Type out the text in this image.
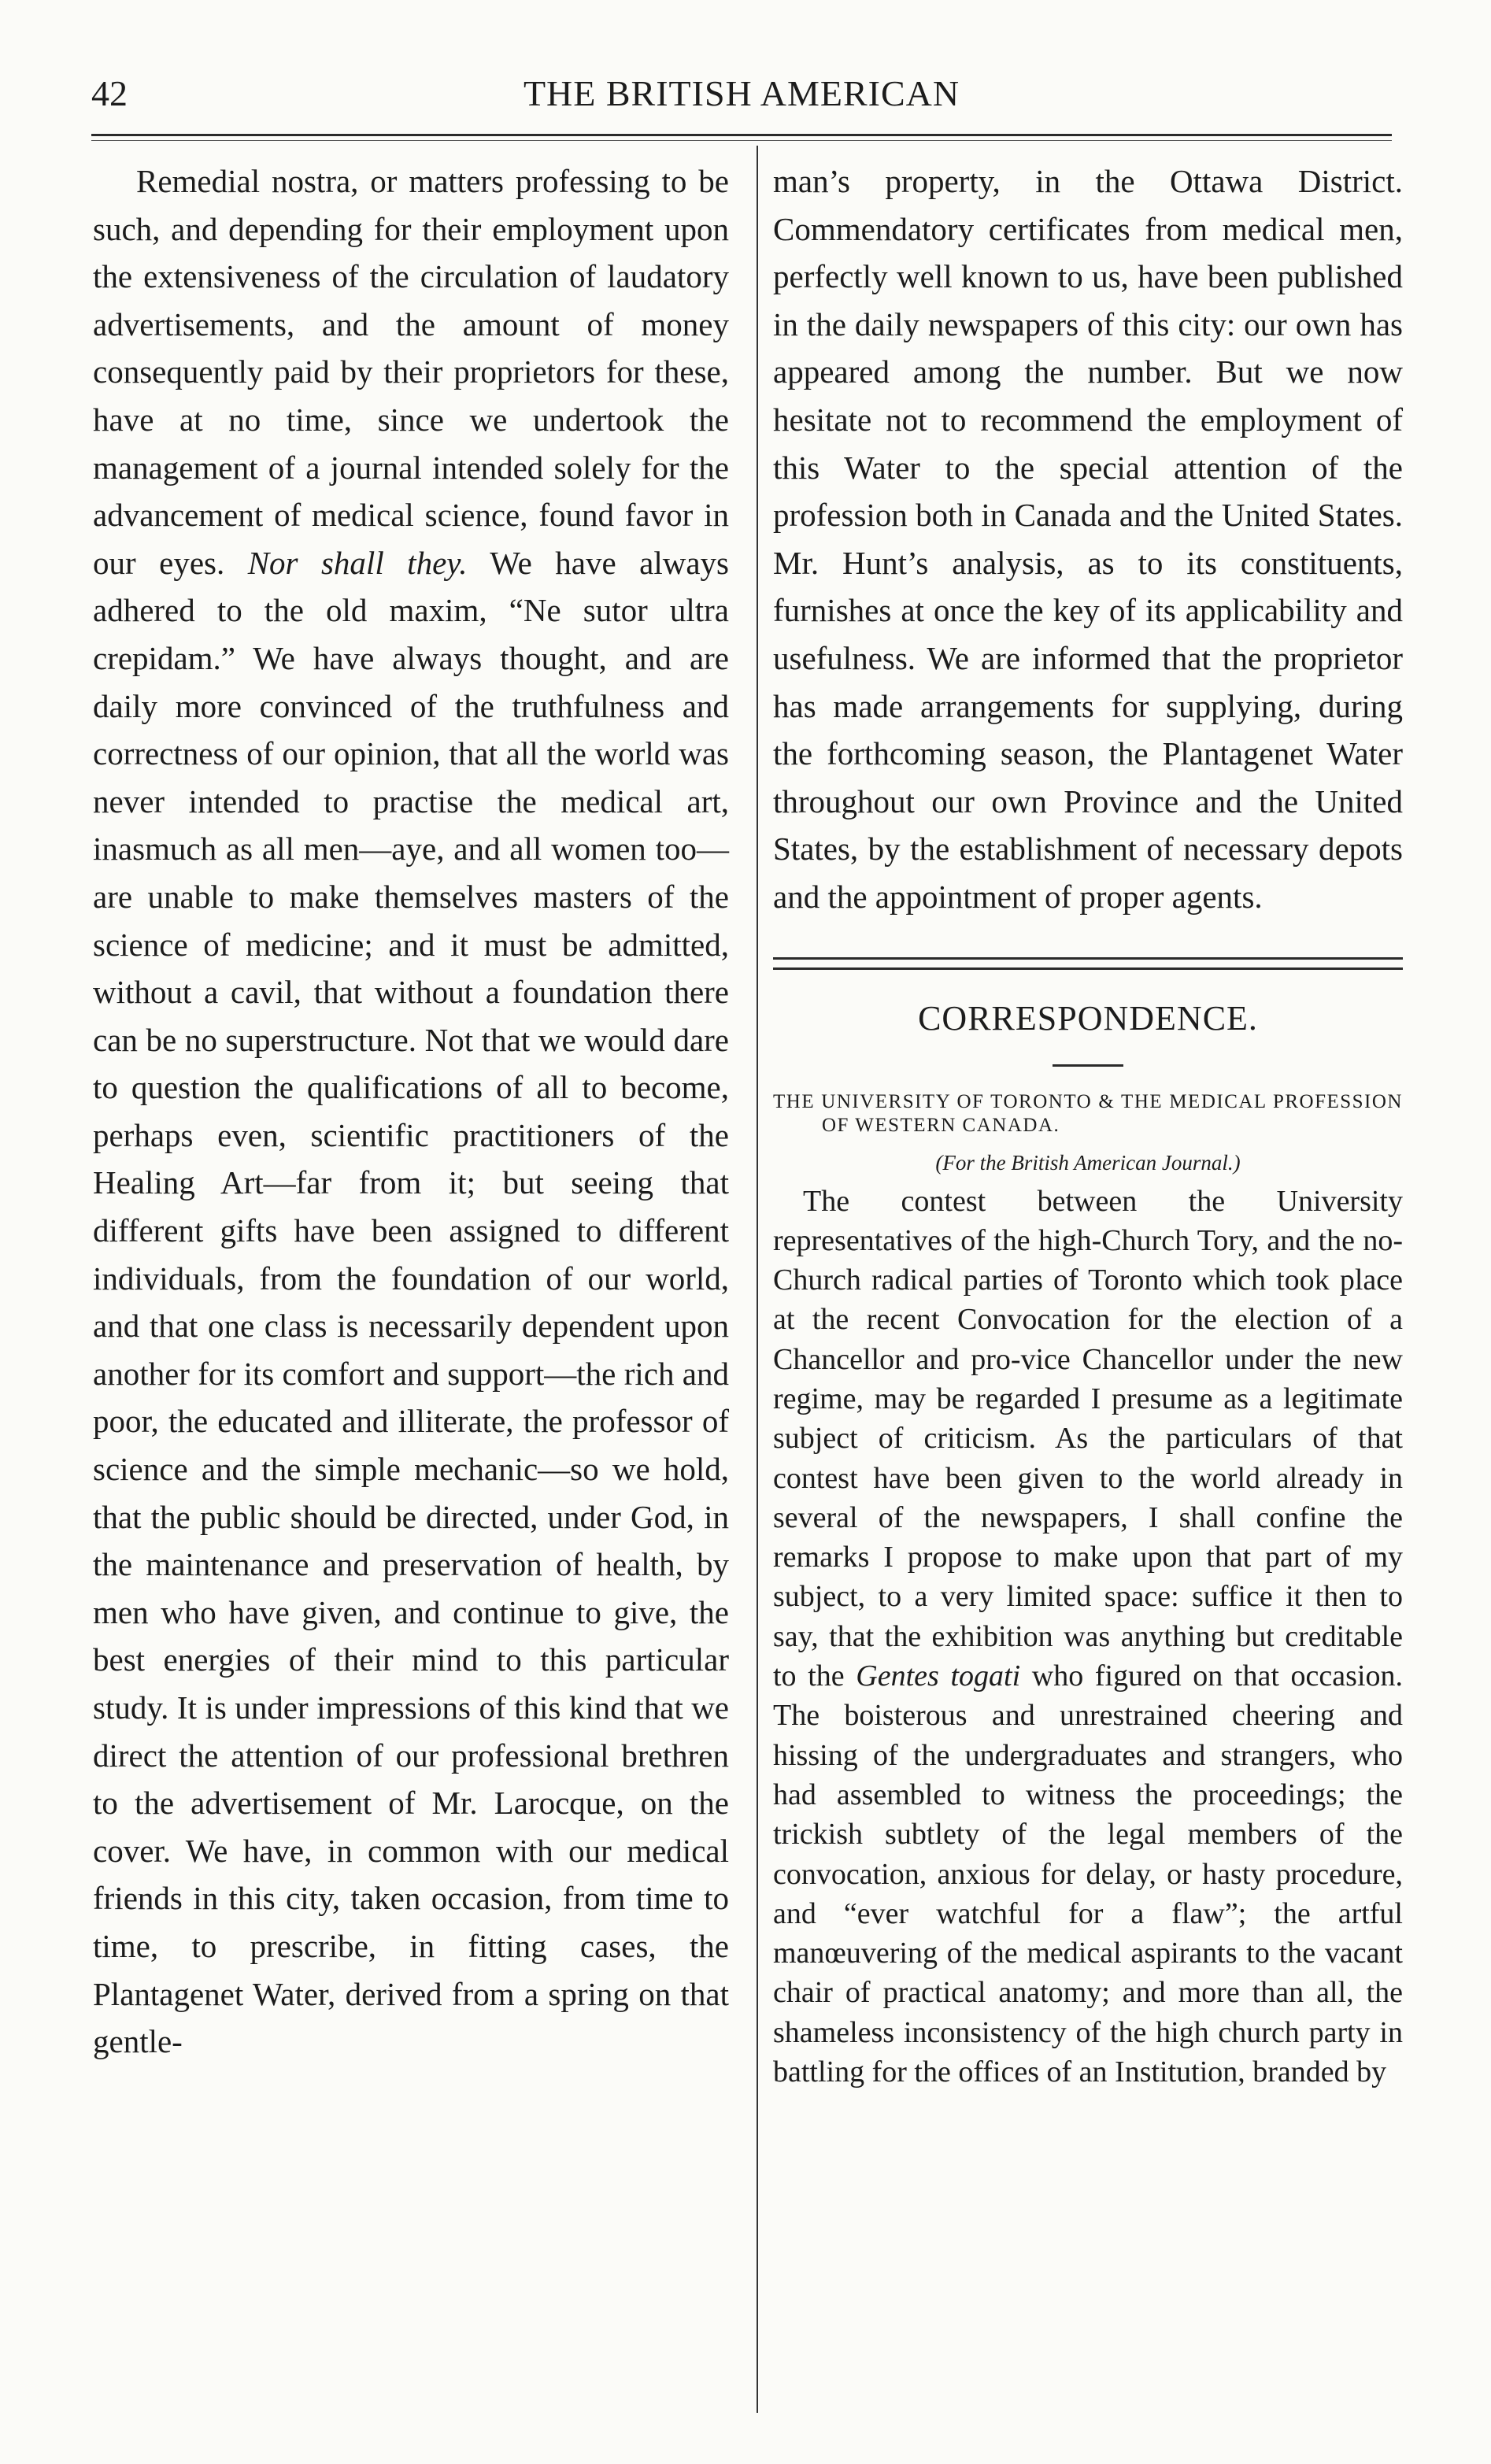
42	THE BRITISH AMERICAN

Remedial nostra, or matters professing to be such, and depending for their employment upon the extensiveness of the circulation of laudatory advertisements, and the amount of money consequently paid by their proprietors for these, have at no time, since we undertook the management of a journal intended solely for the advancement of medical science, found favor in our eyes. Nor shall they. We have always adhered to the old maxim, “Ne sutor ultra crepidam.” We have always thought, and are daily more convinced of the truthfulness and correctness of our opinion, that all the world was never intended to practise the medical art, inasmuch as all men—aye, and all women too—are unable to make themselves masters of the science of medicine; and it must be admitted, without a cavil, that without a foundation there can be no superstructure. Not that we would dare to question the qualifications of all to become, perhaps even, scientific practitioners of the Healing Art—far from it; but seeing that different gifts have been assigned to different individuals, from the foundation of our world, and that one class is necessarily dependent upon another for its comfort and support—the rich and poor, the educated and illiterate, the professor of science and the simple mechanic—so we hold, that the public should be directed, under God, in the maintenance and preservation of health, by men who have given, and continue to give, the best energies of their mind to this particular study. It is under impressions of this kind that we direct the attention of our professional brethren to the advertisement of Mr. Larocque, on the cover. We have, in common with our medical friends in this city, taken occasion, from time to time, to prescribe, in fitting cases, the Plantagenet Water, derived from a spring on that gentle-

man’s property, in the Ottawa District. Commendatory certificates from medical men, perfectly well known to us, have been published in the daily newspapers of this city: our own has appeared among the number. But we now hesitate not to recommend the employment of this Water to the special attention of the profession both in Canada and the United States. Mr. Hunt’s analysis, as to its constituents, furnishes at once the key of its applicability and usefulness. We are informed that the proprietor has made arrangements for supplying, during the forthcoming season, the Plantagenet Water throughout our own Province and the United States, by the establishment of necessary depots and the appointment of proper agents.

CORRESPONDENCE.

THE UNIVERSITY OF TORONTO & THE MEDICAL PROFESSION OF WESTERN CANADA.

(For the British American Journal.)

The contest between the University representatives of the high-Church Tory, and the no-Church radical parties of Toronto which took place at the recent Convocation for the election of a Chancellor and pro-vice Chancellor under the new regime, may be regarded I presume as a legitimate subject of criticism. As the particulars of that contest have been given to the world already in several of the newspapers, I shall confine the remarks I propose to make upon that part of my subject, to a very limited space: suffice it then to say, that the exhibition was anything but creditable to the Gentes togati who figured on that occasion. The boisterous and unrestrained cheering and hissing of the undergraduates and strangers, who had assembled to witness the proceedings; the trickish subtlety of the legal members of the convocation, anxious for delay, or hasty procedure, and “ever watchful for a flaw”; the artful manœuvering of the medical aspirants to the vacant chair of practical anatomy; and more than all, the shameless inconsistency of the high church party in battling for the offices of an Institution, branded by
